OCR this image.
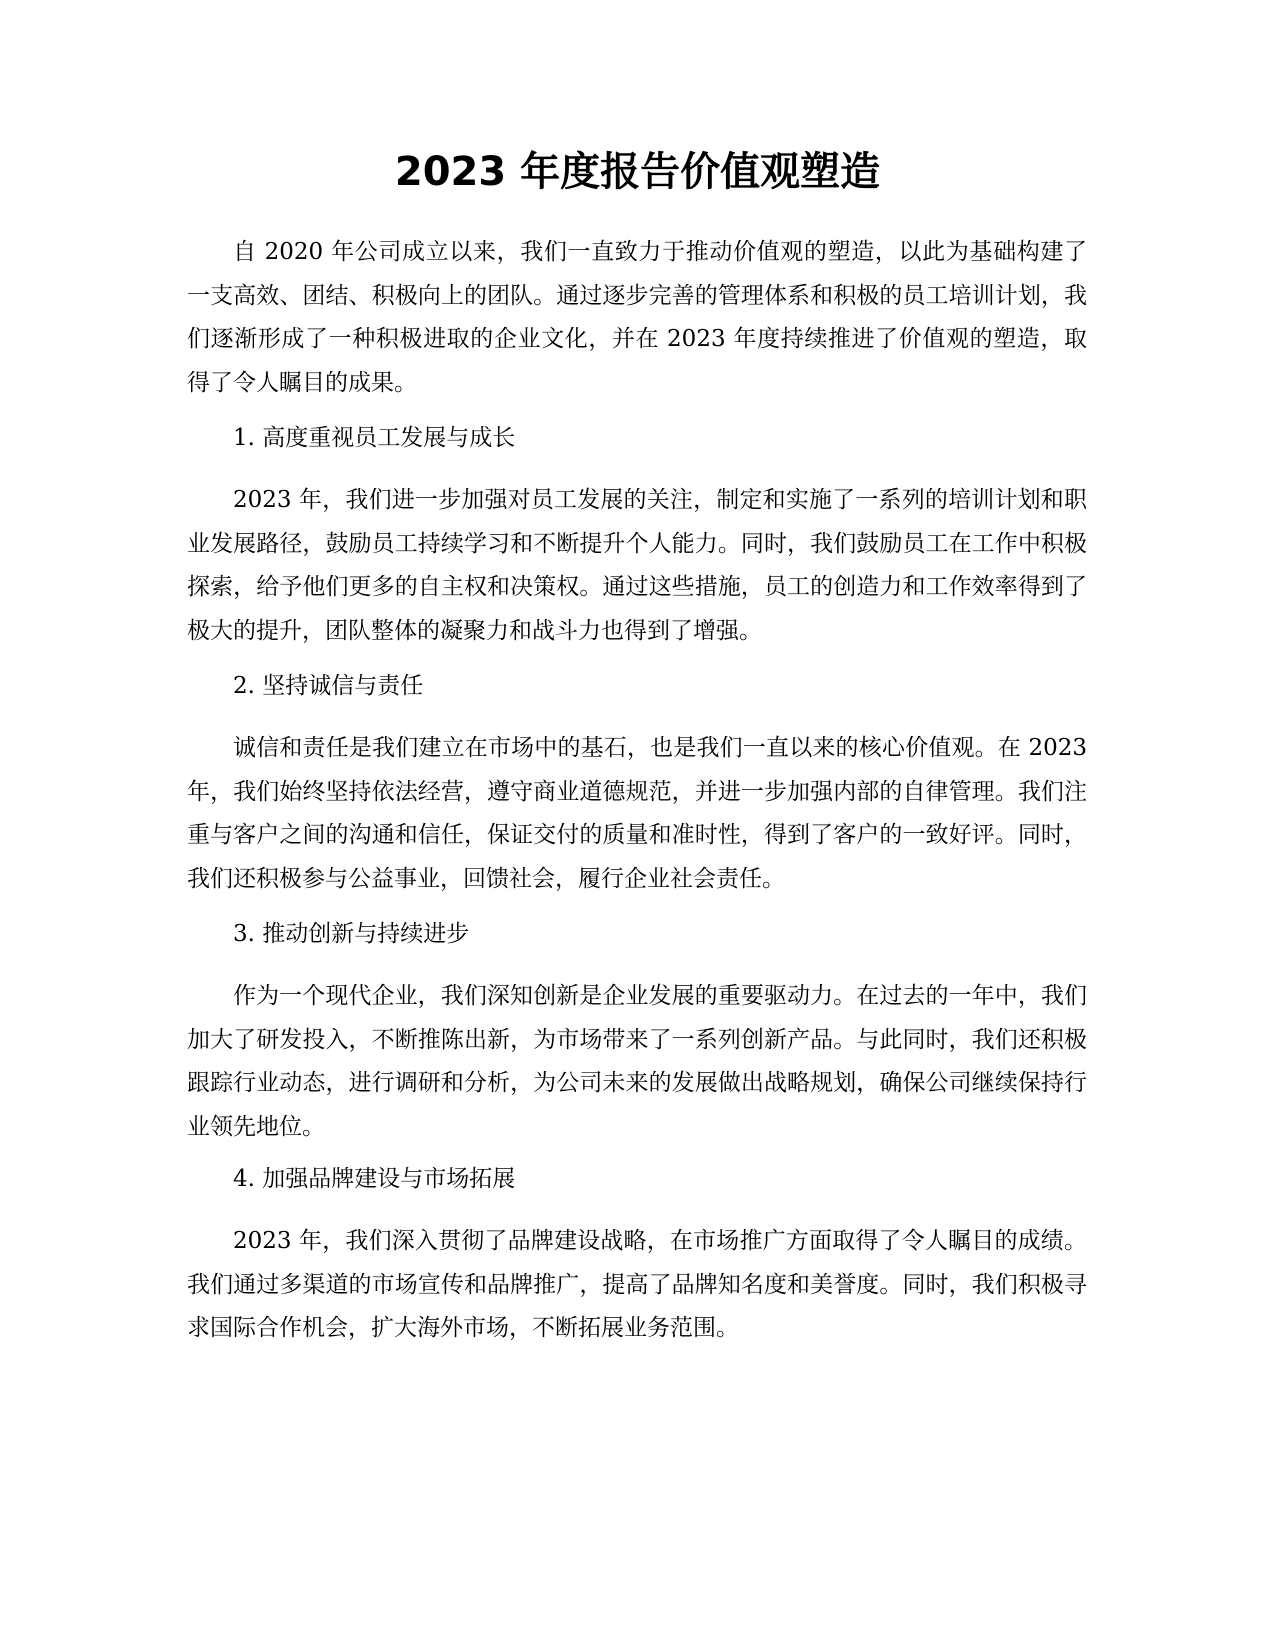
2023 年度报告价值观塑造

自 2020 年公司成立以来，我们一直致力于推动价值观的塑造，以此为基础构建了一支高效、团结、积极向上的团队。通过逐步完善的管理体系和积极的员工培训计划，我们逐渐形成了一种积极进取的企业文化，并在 2023 年度持续推进了价值观的塑造，取得了令人瞩目的成果。

1. 高度重视员工发展与成长

2023 年，我们进一步加强对员工发展的关注，制定和实施了一系列的培训计划和职业发展路径，鼓励员工持续学习和不断提升个人能力。同时，我们鼓励员工在工作中积极探索，给予他们更多的自主权和决策权。通过这些措施，员工的创造力和工作效率得到了极大的提升，团队整体的凝聚力和战斗力也得到了增强。

2. 坚持诚信与责任

诚信和责任是我们建立在市场中的基石，也是我们一直以来的核心价值观。在 2023 年，我们始终坚持依法经营，遵守商业道德规范，并进一步加强内部的自律管理。我们注重与客户之间的沟通和信任，保证交付的质量和准时性，得到了客户的一致好评。同时，我们还积极参与公益事业，回馈社会，履行企业社会责任。

3. 推动创新与持续进步

作为一个现代企业，我们深知创新是企业发展的重要驱动力。在过去的一年中，我们加大了研发投入，不断推陈出新，为市场带来了一系列创新产品。与此同时，我们还积极跟踪行业动态，进行调研和分析，为公司未来的发展做出战略规划，确保公司继续保持行业领先地位。

4. 加强品牌建设与市场拓展

2023 年，我们深入贯彻了品牌建设战略，在市场推广方面取得了令人瞩目的成绩。我们通过多渠道的市场宣传和品牌推广，提高了品牌知名度和美誉度。同时，我们积极寻求国际合作机会，扩大海外市场，不断拓展业务范围。
